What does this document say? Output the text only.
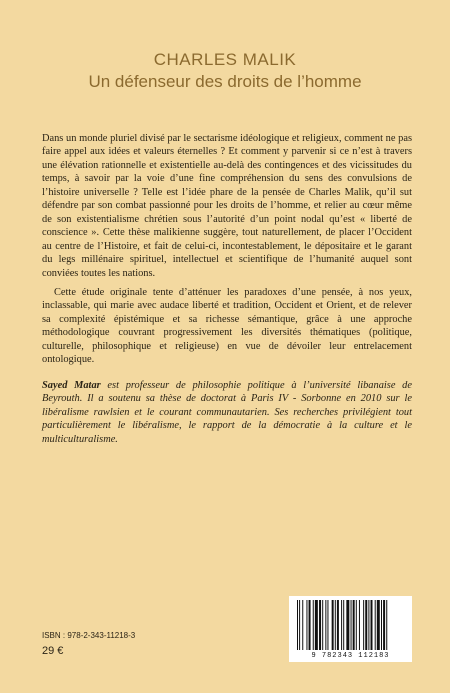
CHARLES MALIK
Un défenseur des droits de l’homme

Dans un monde pluriel divisé par le sectarisme idéologique et religieux, comment ne pas faire appel aux idées et valeurs éternelles ? Et comment y parvenir si ce n’est à travers une élévation rationnelle et existentielle au-delà des contingences et des vicissitudes du temps, à savoir par la voie d’une fine compréhension du sens des convulsions de l’histoire universelle ? Telle est l’idée phare de la pensée de Charles Malik, qu’il sut défendre par son combat passionné pour les droits de l’homme, et relier au cœur même de son existentialisme chrétien sous l’autorité d’un point nodal qu’est « liberté de conscience ». Cette thèse malikienne suggère, tout naturellement, de placer l’Occident au centre de l’Histoire, et fait de celui-ci, incontestablement, le dépositaire et le garant du legs millénaire spirituel, intellectuel et scientifique de l’humanité auquel sont conviées toutes les nations.

Cette étude originale tente d’atténuer les paradoxes d’une pensée, à nos yeux, inclassable, qui marie avec audace liberté et tradition, Occident et Orient, et de relever sa complexité épistémique et sa richesse sémantique, grâce à une approche méthodologique couvrant progressivement les diversités thématiques (politique, culturelle, philosophique et religieuse) en vue de dévoiler leur entrelacement ontologique.

Sayed Matar est professeur de philosophie politique à l’université libanaise de Beyrouth. Il a soutenu sa thèse de doctorat à Paris IV - Sorbonne en 2010 sur le libéralisme rawlsien et le courant communautarien. Ses recherches privilégient tout particulièrement le libéralisme, le rapport de la démocratie à la culture et le multiculturalisme.

ISBN : 978-2-343-11218-3
29 €	9 782343 112183
